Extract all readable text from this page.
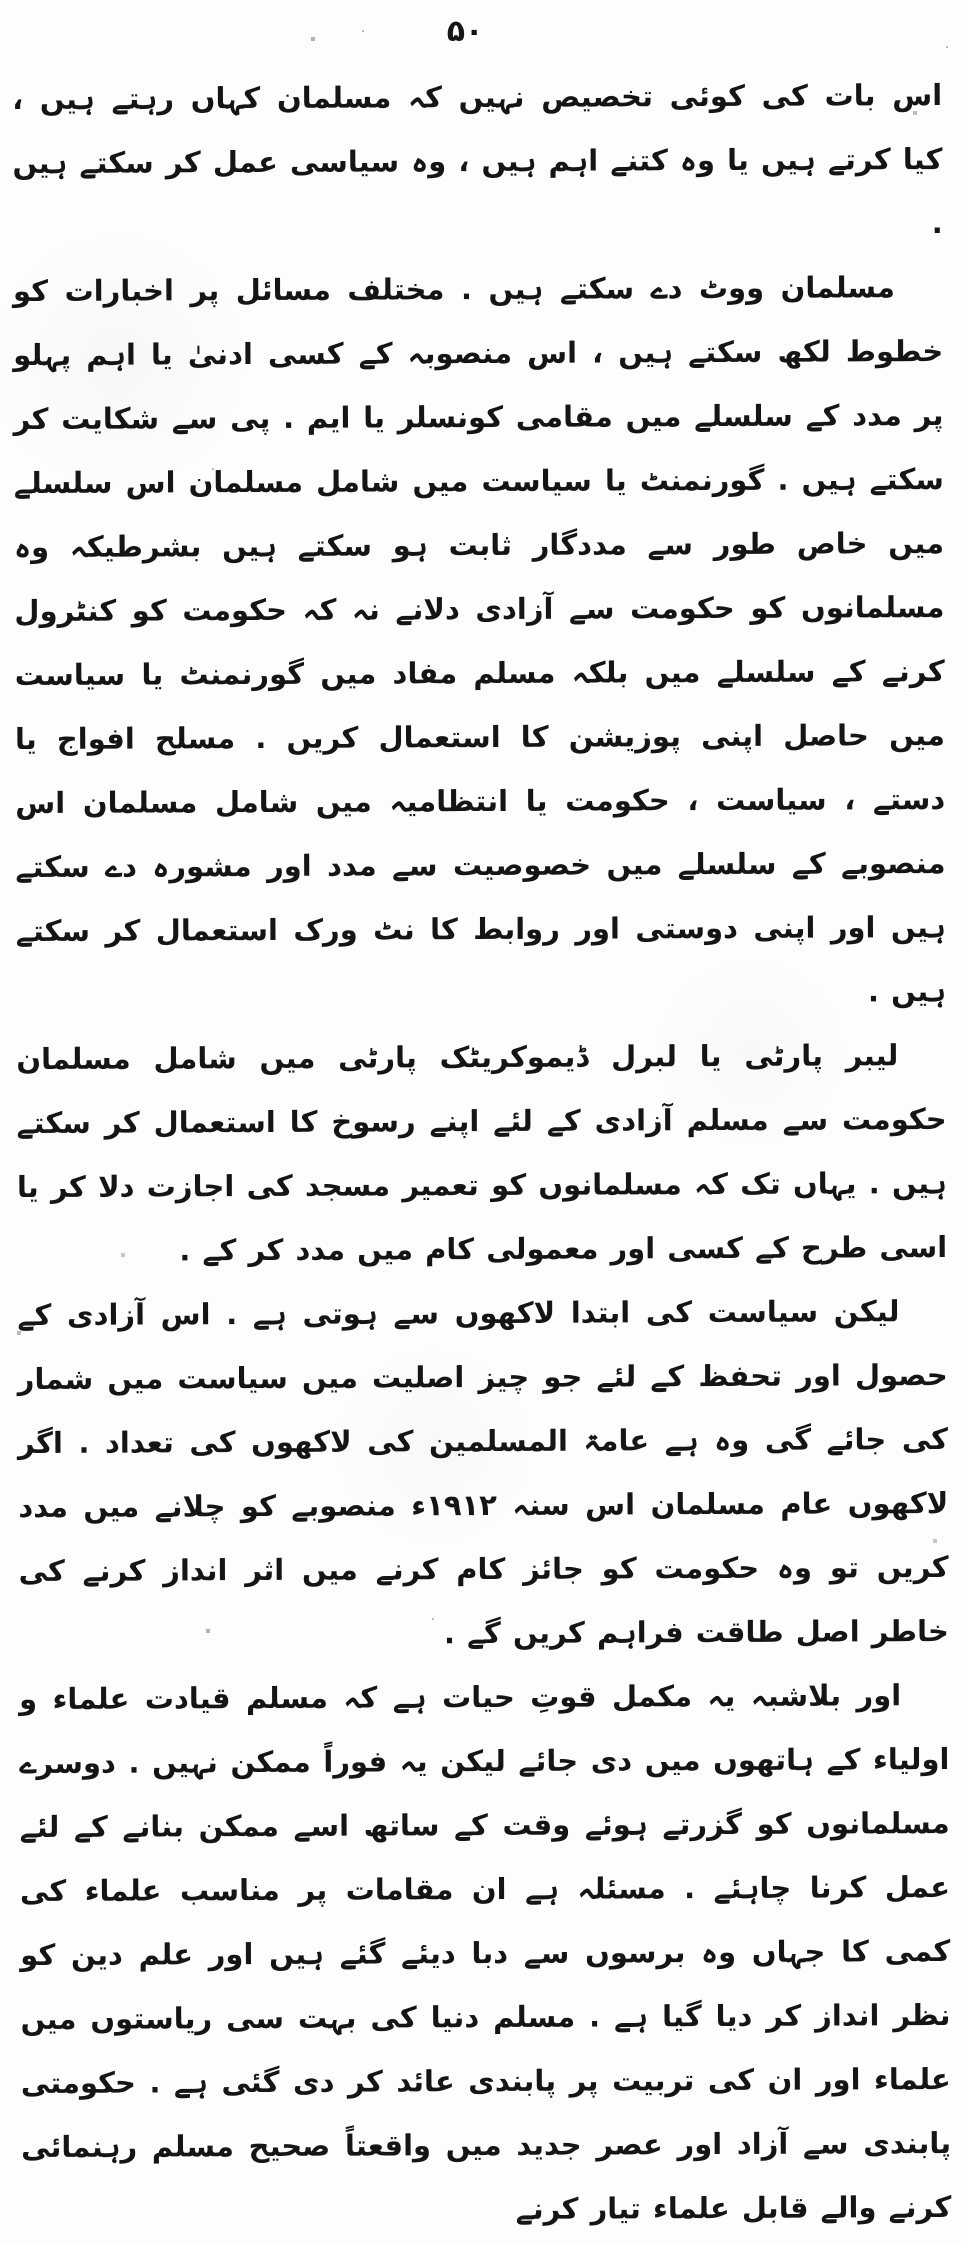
۵۰

اس بات کی کوئی تخصیص نہیں کہ مسلمان کہاں رہتے ہیں ، کیا کرتے ہیں یا وہ کتنے اہم ہیں ، وہ سیاسی عمل کر سکتے ہیں .

مسلمان ووٹ دے سکتے ہیں . مختلف مسائل پر اخبارات کو خطوط لکھ سکتے ہیں ، اس منصوبہ کے کسی ادنیٰ یا اہم پہلو پر مدد کے سلسلے میں مقامی کونسلر یا ایم . پی سے شکایت کر سکتے ہیں . گورنمنٹ یا سیاست میں شامل مسلمان اس سلسلے میں خاص طور سے مددگار ثابت ہو سکتے ہیں بشرطیکہ وہ مسلمانوں کو حکومت سے آزادی دلانے نہ کہ حکومت کو کنٹرول کرنے کے سلسلے میں بلکہ مسلم مفاد میں گورنمنٹ یا سیاست میں حاصل اپنی پوزیشن کا استعمال کریں . مسلح افواج یا دستے ، سیاست ، حکومت یا انتظامیہ میں شامل مسلمان اس منصوبے کے سلسلے میں خصوصیت سے مدد اور مشورہ دے سکتے ہیں اور اپنی دوستی اور روابط کا نٹ ورک استعمال کر سکتے ہیں .

لیبر پارٹی یا لبرل ڈیموکریٹک پارٹی میں شامل مسلمان حکومت سے مسلم آزادی کے لئے اپنے رسوخ کا استعمال کر سکتے ہیں . یہاں تک کہ مسلمانوں کو تعمیر مسجد کی اجازت دلا کر یا اسی طرح کے کسی اور معمولی کام میں مدد کر کے .

لیکن سیاست کی ابتدا لاکھوں سے ہوتی ہے . اس آزادی کے حصول اور تحفظ کے لئے جو چیز اصلیت میں سیاست میں شمار کی جائے گی وہ ہے عامۃ المسلمین کی لاکھوں کی تعداد . اگر لاکھوں عام مسلمان اس سنہ ۱۹۱۲ء منصوبے کو چلانے میں مدد کریں تو وہ حکومت کو جائز کام کرنے میں اثر انداز کرنے کی خاطر اصل طاقت فراہم کریں گے .

اور بلاشبہ یہ مکمل قوتِ حیات ہے کہ مسلم قیادت علماء و اولیاء کے ہاتھوں میں دی جائے لیکن یہ فوراً ممکن نہیں . دوسرے مسلمانوں کو گزرتے ہوئے وقت کے ساتھ اسے ممکن بنانے کے لئے عمل کرنا چاہئے . مسئلہ ہے ان مقامات پر مناسب علماء کی کمی کا جہاں وہ برسوں سے دبا دیئے گئے ہیں اور علم دین کو نظر انداز کر دیا گیا ہے . مسلم دنیا کی بہت سی ریاستوں میں علماء اور ان کی تربیت پر پابندی عائد کر دی گئی ہے . حکومتی پابندی سے آزاد اور عصر جدید میں واقعتاً صحیح مسلم رہنمائی کرنے والے قابل علماء تیار کرنے
